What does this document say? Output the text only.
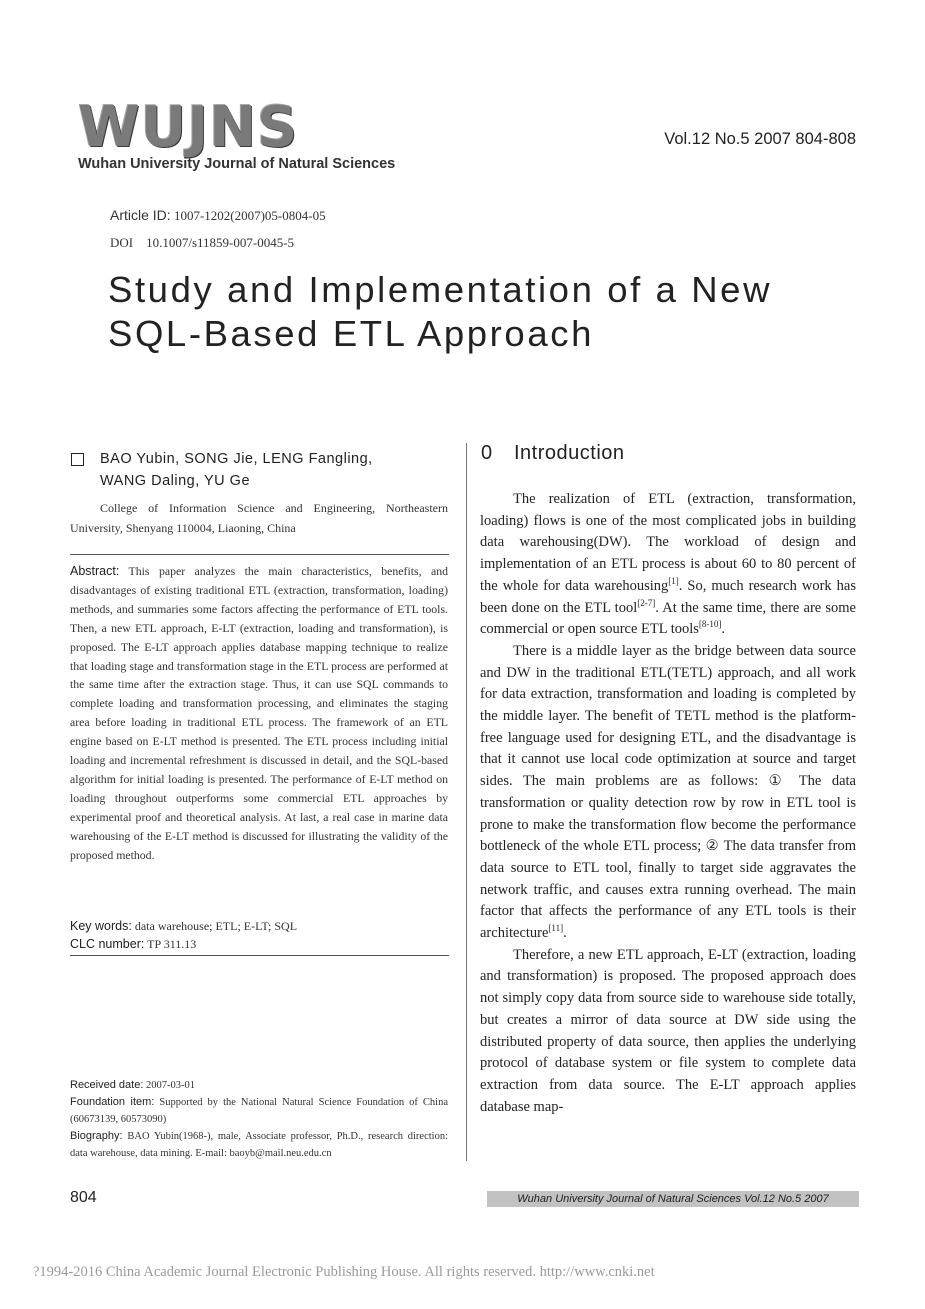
WUJNS
Wuhan University Journal of Natural Sciences
Vol.12 No.5 2007 804-808
Article ID: 1007-1202(2007)05-0804-05
DOI 10.1007/s11859-007-0045-5
Study and Implementation of a New
SQL-Based ETL Approach
BAO Yubin, SONG Jie, LENG Fangling,
WANG Daling, YU Ge
College of Information Science and Engineering, Northeastern University, Shenyang 110004, Liaoning, China
Abstract: This paper analyzes the main characteristics, benefits, and disadvantages of existing traditional ETL (extraction, transformation, loading) methods, and summaries some factors affecting the performance of ETL tools. Then, a new ETL approach, E-LT (extraction, loading and transformation), is proposed. The E-LT approach applies database mapping technique to realize that loading stage and transformation stage in the ETL process are performed at the same time after the extraction stage. Thus, it can use SQL commands to complete loading and transformation processing, and eliminates the staging area before loading in traditional ETL process. The framework of an ETL engine based on E-LT method is presented. The ETL process including initial loading and incremental refreshment is discussed in detail, and the SQL-based algorithm for initial loading is presented. The performance of E-LT method on loading throughout outperforms some commercial ETL approaches by experimental proof and theoretical analysis. At last, a real case in marine data warehousing of the E-LT method is discussed for illustrating the validity of the proposed method.
Key words: data warehouse; ETL; E-LT; SQL
CLC number: TP 311.13
Received date: 2007-03-01
Foundation item: Supported by the National Natural Science Foundation of China (60673139, 60573090)
Biography: BAO Yubin(1968-), male, Associate professor, Ph.D., research direction: data warehouse, data mining. E-mail: baoyb@mail.neu.edu.cn
0 Introduction

The realization of ETL (extraction, transformation, loading) flows is one of the most complicated jobs in building data warehousing(DW). The workload of design and implementation of an ETL process is about 60 to 80 percent of the whole for data warehousing[1]. So, much research work has been done on the ETL tool[2-7]. At the same time, there are some commercial or open source ETL tools[8-10].

There is a middle layer as the bridge between data source and DW in the traditional ETL(TETL) approach, and all work for data extraction, transformation and loading is completed by the middle layer. The benefit of TETL method is the platform-free language used for designing ETL, and the disadvantage is that it cannot use local code optimization at source and target sides. The main problems are as follows: ① The data transformation or quality detection row by row in ETL tool is prone to make the transformation flow become the performance bottleneck of the whole ETL process; ② The data transfer from data source to ETL tool, finally to target side aggravates the network traffic, and causes extra running overhead. The main factor that affects the performance of any ETL tools is their architecture[11].

Therefore, a new ETL approach, E-LT (extraction, loading and transformation) is proposed. The proposed approach does not simply copy data from source side to warehouse side totally, but creates a mirror of data source at DW side using the distributed property of data source, then applies the underlying protocol of database system or file system to complete data extraction from data source. The E-LT approach applies database map-

804	Wuhan University Journal of Natural Sciences Vol.12 No.5 2007
?1994-2016 China Academic Journal Electronic Publishing House. All rights reserved. http://www.cnki.net
